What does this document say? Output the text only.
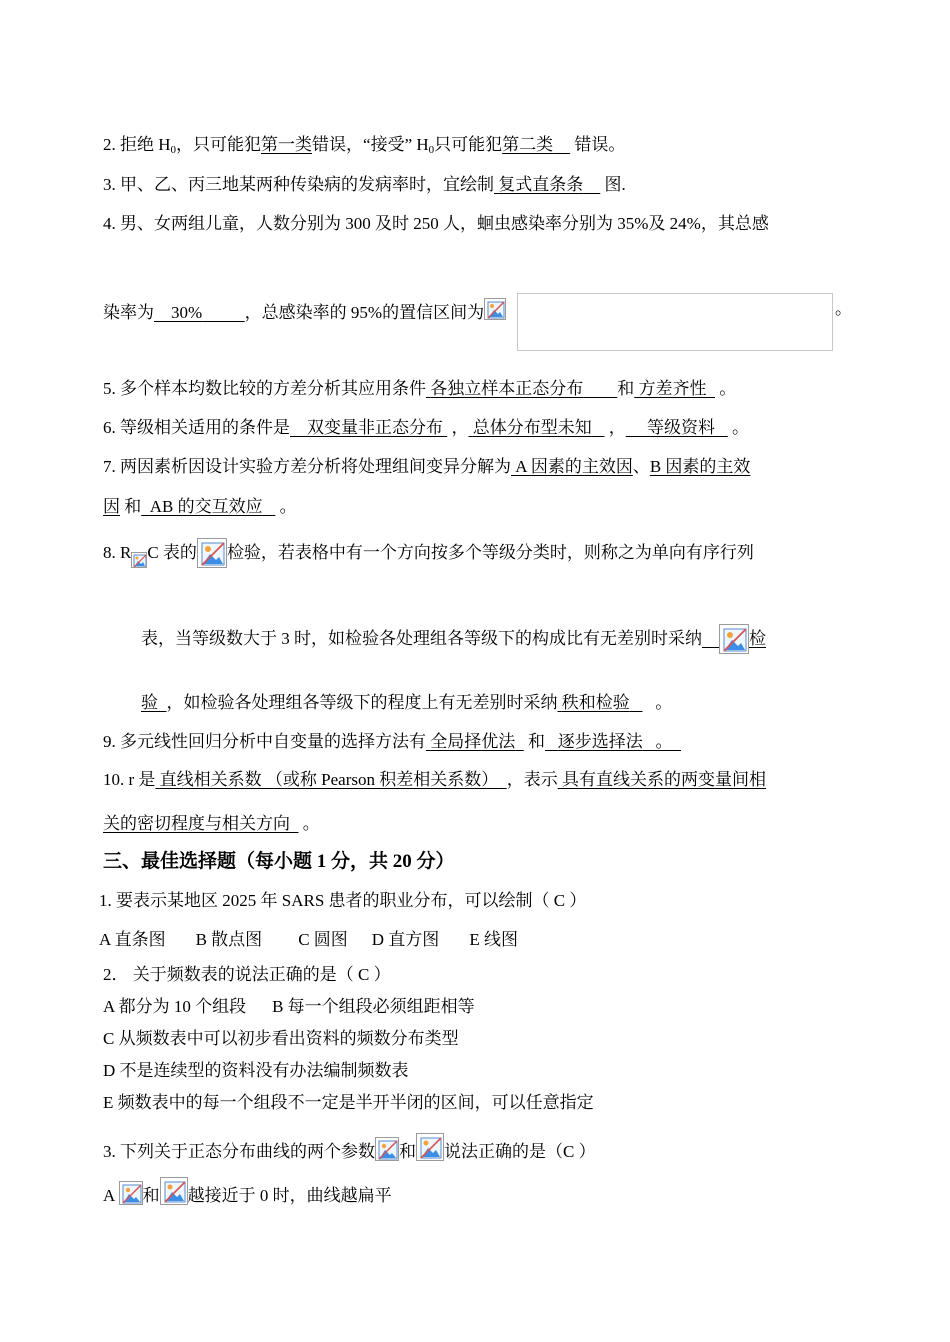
2. 拒绝 $H_0$，只可能犯第一类错误，“接受” $H_0$只可能犯第二类 错误。
3. 甲、乙、丙三地某两种传染病的发病率时，宜绘制 复式直条条 图.
4. 男、女两组儿童，人数分别为 300 及时 250 人，蛔虫感染率分别为 35%及 24%，其总感
染率为 30%	，总感染率的 95%的置信区间为	。
5. 多个样本均数比较的方差分析其应用条件 各独立样本正态分布 和 方差齐性 。
6. 等级相关适用的条件是 双变量非正态分布 ， 总体分布型未知 ， 等级资料 。
7. 两因素析因设计实验方差分析将处理组间变异分解为 A 因素的主效因、B 因素的主效
因 和 AB 的交互效应 。
8. R C 表的 检验，若表格中有一个方向按多个等级分类时，则称之为单向有序行列
表，当等级数大于 3 时，如检验各处理组各等级下的构成比有无差别时采纳	检
验 ，如检验各处理组各等级下的程度上有无差别时采纳 秩和检验 。
9. 多元线性回归分析中自变量的选择方法有 全局择优法 和 逐步选择法 。
10. r 是 直线相关系数 （或称 Pearson 积差相关系数） ，表示 具有直线关系的两变量间相
关的密切程度与相关方向 。
三、最佳选择题（每小题 1 分，共 20 分）
1. 要表示某地区 2025 年 SARS 患者的职业分布，可以绘制（ C ）
A 直条图 B 散点图 C 圆图 D 直方图 E 线图
2． 关于频数表的说法正确的是（ C ）
A 都分为 10 个组段 B 每一个组段必须组距相等
C 从频数表中可以初步看出资料的频数分布类型
D 不是连续型的资料没有办法编制频数表
E 频数表中的每一个组段不一定是半开半闭的区间，可以任意指定
3. 下列关于正态分布曲线的两个参数 和 说法正确的是（C ）
A
和 越接近于 0 时，曲线越扁平
